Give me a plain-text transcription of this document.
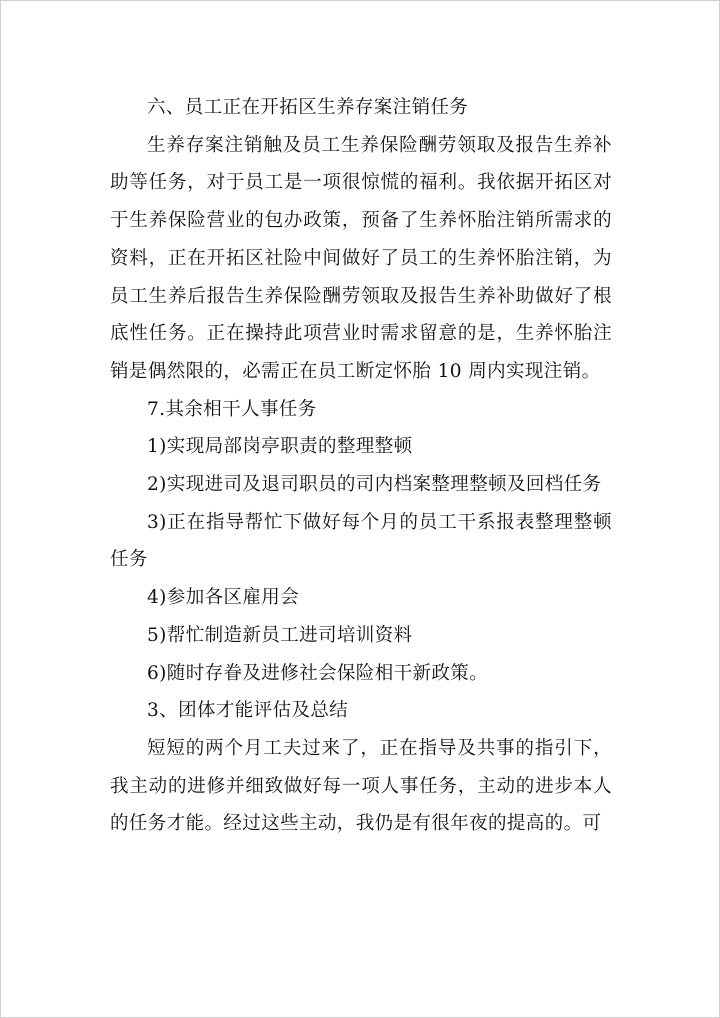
六、员工正在开拓区生养存案注销任务

生养存案注销触及员工生养保险酬劳领取及报告生养补助等任务，对于员工是一项很惊慌的福利。我依据开拓区对于生养保险营业的包办政策，预备了生养怀胎注销所需求的资料，正在开拓区社险中间做好了员工的生养怀胎注销，为员工生养后报告生养保险酬劳领取及报告生养补助做好了根底性任务。正在操持此项营业时需求留意的是，生养怀胎注销是偶然限的，必需正在员工断定怀胎 10 周内实现注销。

7.其余相干人事任务

1)实现局部岗亭职责的整理整顿

2)实现进司及退司职员的司内档案整理整顿及回档任务

3)正在指导帮忙下做好每个月的员工干系报表整理整顿任务

4)参加各区雇用会

5)帮忙制造新员工进司培训资料

6)随时存眷及进修社会保险相干新政策。

3、团体才能评估及总结

短短的两个月工夫过来了，正在指导及共事的指引下，我主动的进修并细致做好每一项人事任务，主动的进步本人的任务才能。经过这些主动，我仍是有很年夜的提高的。可
